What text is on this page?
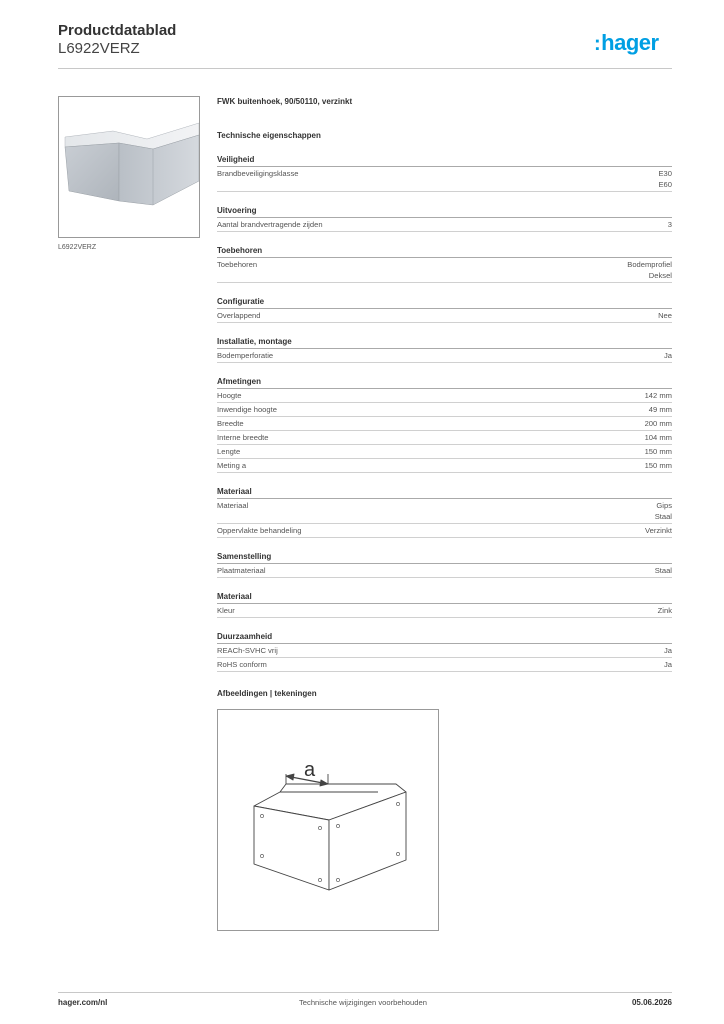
Productdatablad
L6922VERZ	:hager
L6922VERZ
FWK buitenhoek, 90/50110, verzinkt
Technische eigenschappen
Veiligheid
Brandbeveiligingsklasse	E30
E60
Uitvoering
Aantal brandvertragende zijden	3
Toebehoren
Toebehoren	Bodemprofiel
Deksel
Configuratie
Overlappend	Nee
Installatie, montage
Bodemperforatie	Ja
Afmetingen
Hoogte	142 mm
Inwendige hoogte	49 mm
Breedte	200 mm
Interne breedte	104 mm
Lengte	150 mm
Meting a	150 mm
Materiaal
Materiaal	Gips
Staal
Oppervlakte behandeling	Verzinkt
Samenstelling
Plaatmateriaal	Staal
Materiaal
Kleur	Zink
Duurzaamheid
REACh-SVHC vrij	Ja
RoHS conform	Ja
Afbeeldingen | tekeningen
a
hager.com/nl	Technische wijzigingen voorbehouden	05.06.2026
